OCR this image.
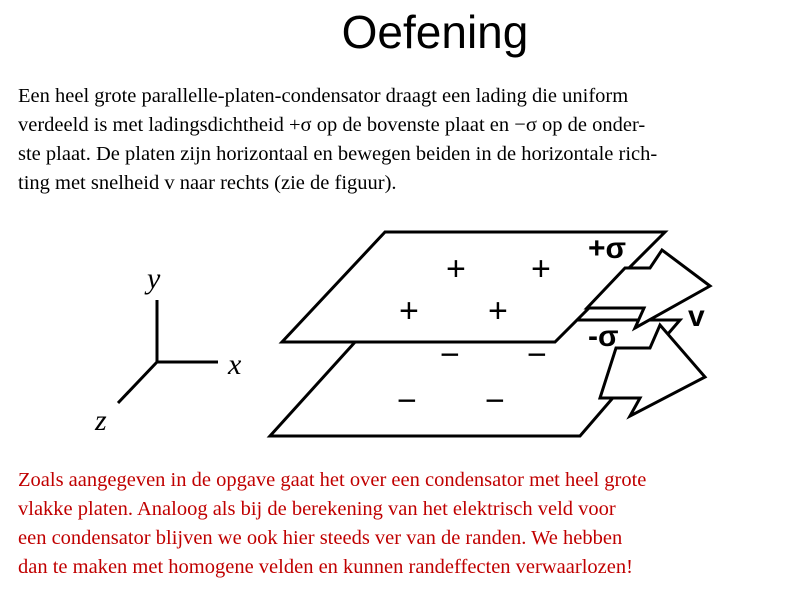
Oefening
Een heel grote parallelle-platen-condensator draagt een lading die uniform
verdeeld is met ladingsdichtheid +σ op de bovenste plaat en −σ op de onder-
ste plaat. De platen zijn horizontaal en bewegen beiden in de horizontale rich-
ting met snelheid v naar rechts (zie de figuur).
y
x
z
+ +
+ +
− −
− −
+σ
-σ
v
Zoals aangegeven in de opgave gaat het over een condensator met heel grote
vlakke platen. Analoog als bij de berekening van het elektrisch veld voor
een condensator blijven we ook hier steeds ver van de randen. We hebben
dan te maken met homogene velden en kunnen randeffecten verwaarlozen!
